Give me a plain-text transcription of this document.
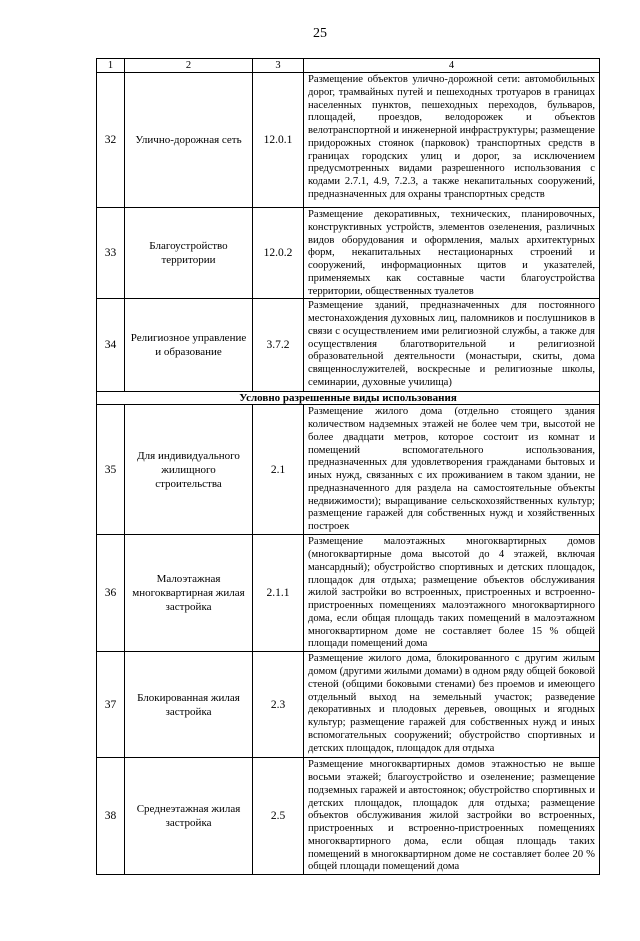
25
1	2	3	4
32	Улично-дорожная сеть	12.0.1	Размещение объектов улично-дорожной сети: автомобильных дорог, трамвайных путей и пешеходных тротуаров в границах населенных пунктов, пешеходных переходов, бульваров, площадей, проездов, велодорожек и объектов велотранспортной и инженерной инфраструктуры; размещение придорожных стоянок (парковок) транспортных средств в границах городских улиц и дорог, за исключением предусмотренных видами разрешенного использования с кодами 2.7.1, 4.9, 7.2.3, а также некапитальных сооружений, предназначенных для охраны транспортных средств
33	Благоустройство территории	12.0.2	Размещение декоративных, технических, планировочных, конструктивных устройств, элементов озеленения, различных видов оборудования и оформления, малых архитектурных форм, некапитальных нестационарных строений и сооружений, информационных щитов и указателей, применяемых как составные части благоустройства территории, общественных туалетов
34	Религиозное управление и образование	3.7.2	Размещение зданий, предназначенных для постоянного местонахождения духовных лиц, паломников и послушников в связи с осуществлением ими религиозной службы, а также для осуществления благотворительной и религиозной образовательной деятельности (монастыри, скиты, дома священнослужителей, воскресные и религиозные школы, семинарии, духовные училища)
Условно разрешенные виды использования			
35	Для индивидуального жилищного строительства	2.1	Размещение жилого дома (отдельно стоящего здания количеством надземных этажей не более чем три, высотой не более двадцати метров, которое состоит из комнат и помещений вспомогательного использования, предназначенных для удовлетворения гражданами бытовых и иных нужд, связанных с их проживанием в таком здании, не предназначенного для раздела на самостоятельные объекты недвижимости); выращивание сельскохозяйственных культур; размещение гаражей для собственных нужд и хозяйственных построек
36	Малоэтажная многоквартирная жилая застройка	2.1.1	Размещение малоэтажных многоквартирных домов (многоквартирные дома высотой до 4 этажей, включая мансардный); обустройство спортивных и детских площадок, площадок для отдыха; размещение объектов обслуживания жилой застройки во встроенных, пристроенных и встроенно-пристроенных помещениях малоэтажного многоквартирного дома, если общая площадь таких помещений в малоэтажном многоквартирном доме не составляет более 15 % общей площади помещений дома
37	Блокированная жилая застройка	2.3	Размещение жилого дома, блокированного с другим жилым домом (другими жилыми домами) в одном ряду общей боковой стеной (общими боковыми стенами) без проемов и имеющего отдельный выход на земельный участок; разведение декоративных и плодовых деревьев, овощных и ягодных культур; размещение гаражей для собственных нужд и иных вспомогательных сооружений; обустройство спортивных и детских площадок, площадок для отдыха
38	Среднеэтажная жилая застройка	2.5	Размещение многоквартирных домов этажностью не выше восьми этажей; благоустройство и озеленение; размещение подземных гаражей и автостоянок; обустройство спортивных и детских площадок, площадок для отдыха; размещение объектов обслуживания жилой застройки во встроенных, пристроенных и встроенно-пристроенных помещениях многоквартирного дома, если общая площадь таких помещений в многоквартирном доме не составляет более 20 % общей площади помещений дома
